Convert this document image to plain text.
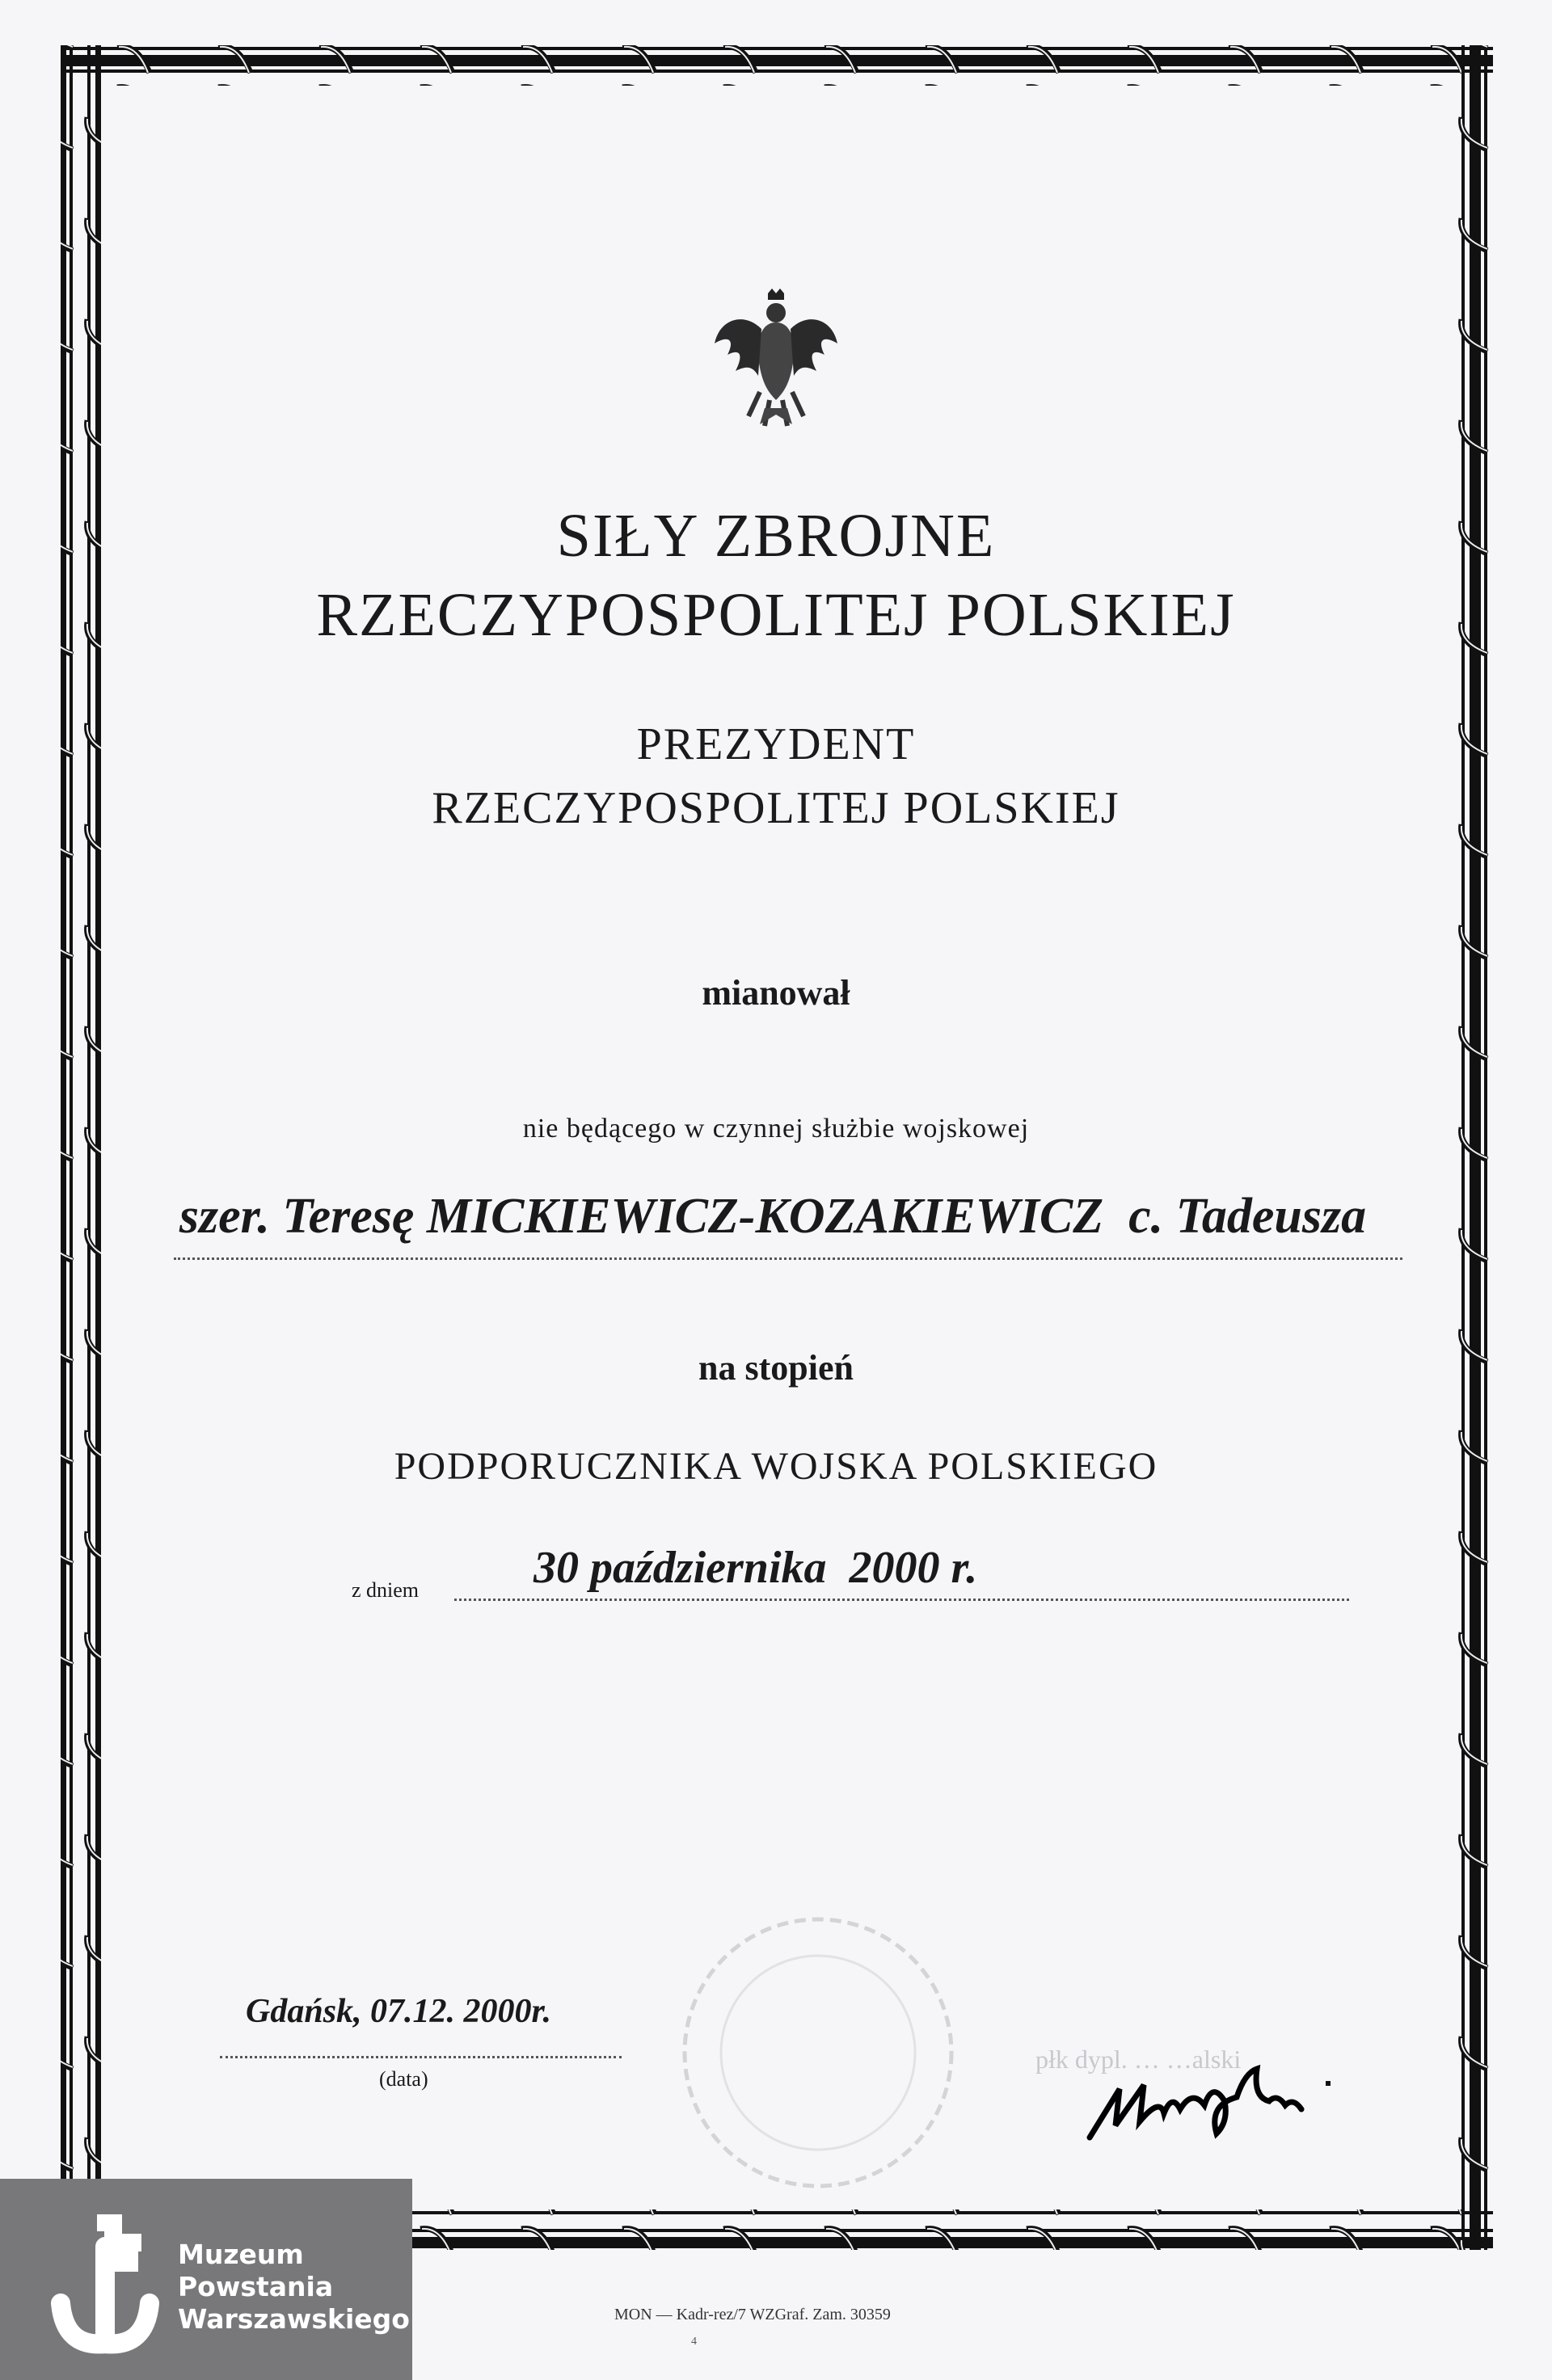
SIŁY ZBROJNE
RZECZYPOSPOLITEJ POLSKIEJ
PREZYDENT
RZECZYPOSPOLITEJ POLSKIEJ
mianował
nie będącego w czynnej służbie wojskowej
szer. Teresę MICKIEWICZ-KOZAKIEWICZ  c. Tadeusza
na stopień
PODPORUCZNIKA WOJSKA POLSKIEGO
z dniem	30 października  2000 r.
Gdańsk, 07.12. 2000r.
(data)
płk dypl. … …alski
MON — Kadr-rez/7 WZGraf. Zam. 30359
4
Muzeum
Powstania
Warszawskiego
